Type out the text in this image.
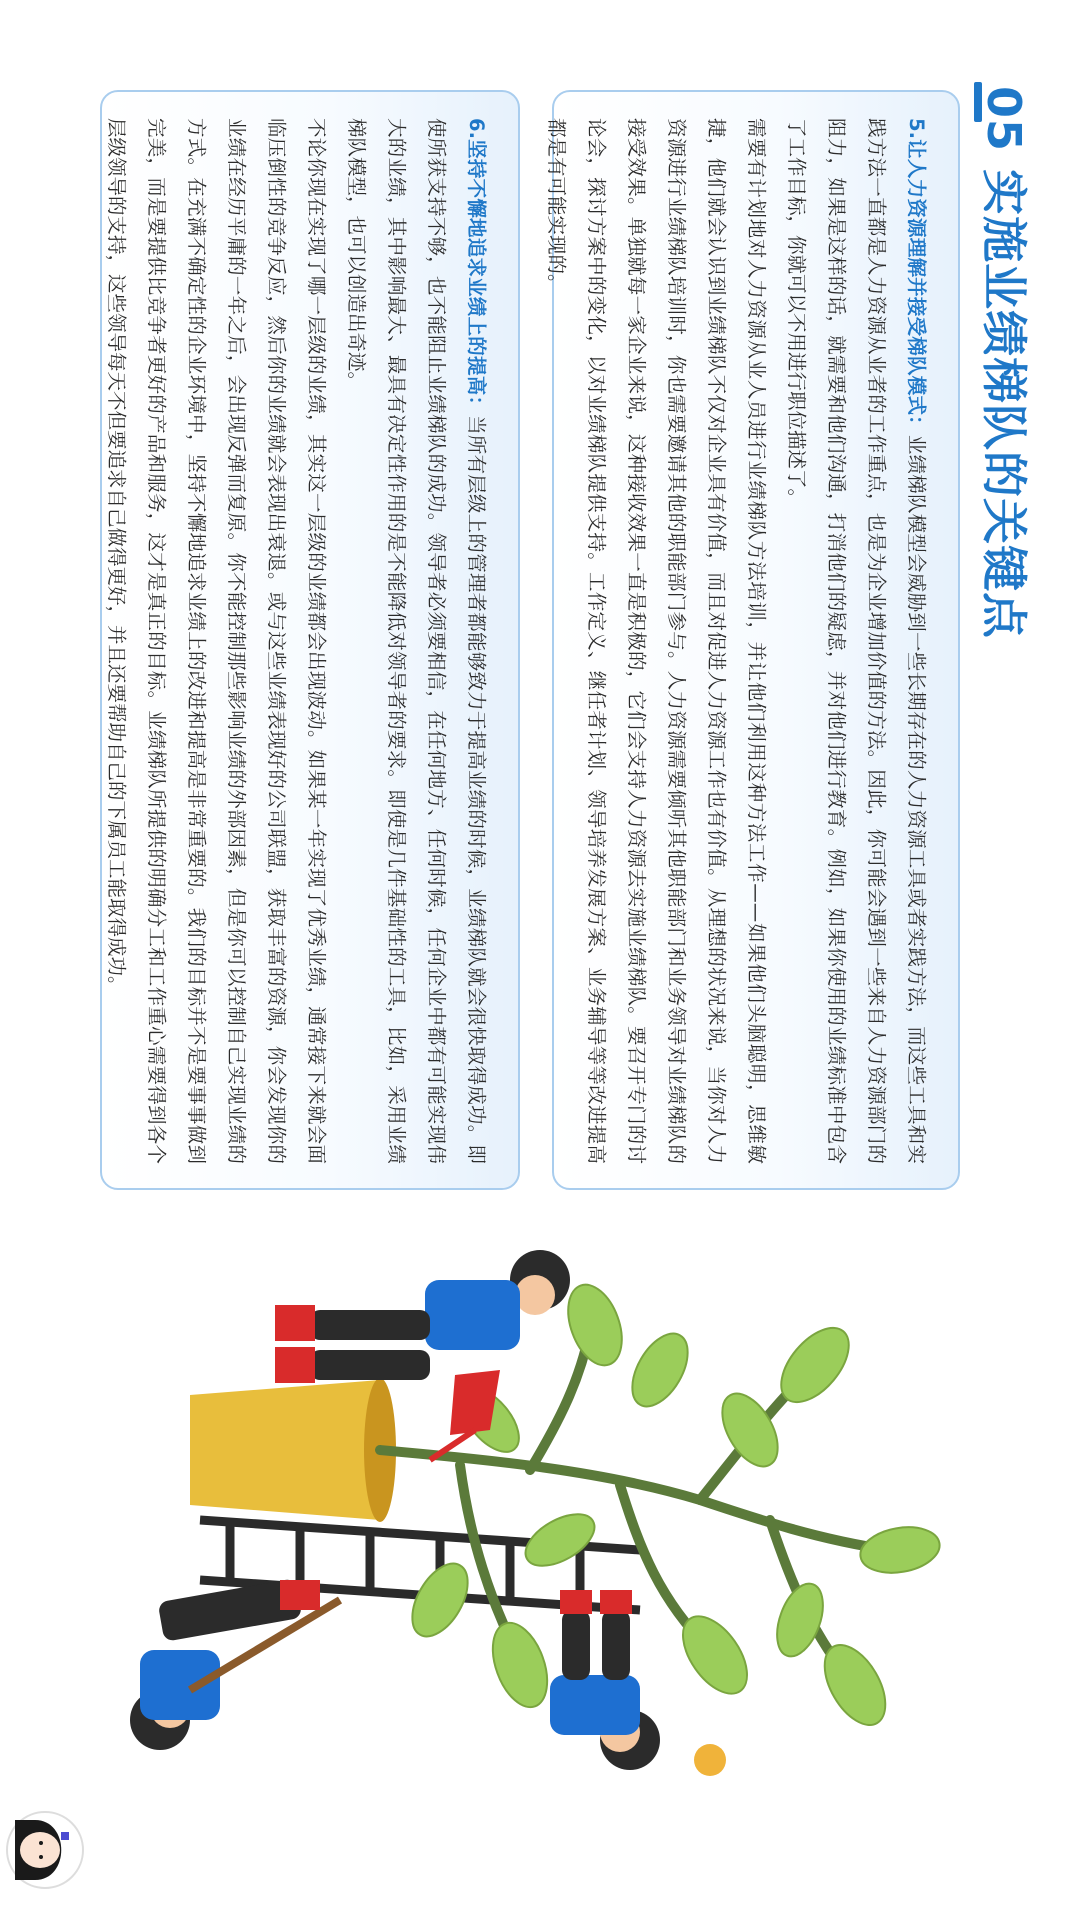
05 实施业绩梯队的关键点

5.让人力资源理解并接受梯队模式：业绩梯队模型会威胁到一些长期存在的人力资源工具或者实践方法，而这些工具和实践方法一直都是人力资源从业者的工作重点，也是为企业增加价值的方法。因此，你可能会遇到一些来自人力资源部门的阻力，如果是这样的话，就需要和他们沟通，打消他们的疑虑，并对他们进行教育。例如，如果你使用的业绩标准中包含了工作目标，你就可以不用进行职位描述了。

需要有计划地对人力资源从业人员进行业绩梯队方法培训，并让他们利用这种方法工作——如果他们头脑聪明，思维敏捷，他们就会认识到业绩梯队不仅对企业具有价值，而且对促进人力资源工作也有价值。从理想的状况来说，当你对人力资源进行业绩梯队培训时，你也需要邀请其他的职能部门参与。人力资源需要倾听其他职能部门和业务领导对业绩梯队的接受效果。单独就每一家企业来说，这种接收效果一直是积极的，它们会支持人力资源去实施业绩梯队。要召开专门的讨论会，探讨方案中的变化，以对业绩梯队提供支持。工作定义、继任者计划、领导培养发展方案、业务辅导等等改进提高都是有可能实现的。

6.坚持不懈地追求业绩上的提高：当所有层级上的管理者都能够致力于提高业绩的时候，业绩梯队就会很快取得成功。即使所获支持不够，也不能阻止业绩梯队的成功。领导者必须要相信，在任何地方、任何时候，任何企业中都有可能实现伟大的业绩，其中影响最大、最具有决定性作用的是不能降低对领导者的要求。即使是几件基础性的工具，比如，采用业绩梯队模型，也可以创造出奇迹。

不论你现在实现了哪一层级的业绩，其实这一层级的业绩都会出现波动。如果某一年实现了优秀业绩，通常接下来就会面临压倒性的竞争反应，然后你的业绩就会表现出衰退。或与这些业绩表现好的公司联盟，获取丰富的资源，你会发现你的业绩在经历平庸的一年之后，会出现反弹而复原。你不能控制那些影响业绩的外部因素，但是你可以控制自己实现业绩的方式。在充满不确定性的企业环境中，坚持不懈地追求业绩上的改进和提高是非常重要的。我们的目标并不是要事事做到完美，而是要提供比竞争者更好的产品和服务，这才是真正的目标。业绩梯队所提供的明确分工和工作重心需要得到各个层级领导的支持，这些领导每天不但要追求自己做得更好，并且还要帮助自己的下属员工能取得成功。
